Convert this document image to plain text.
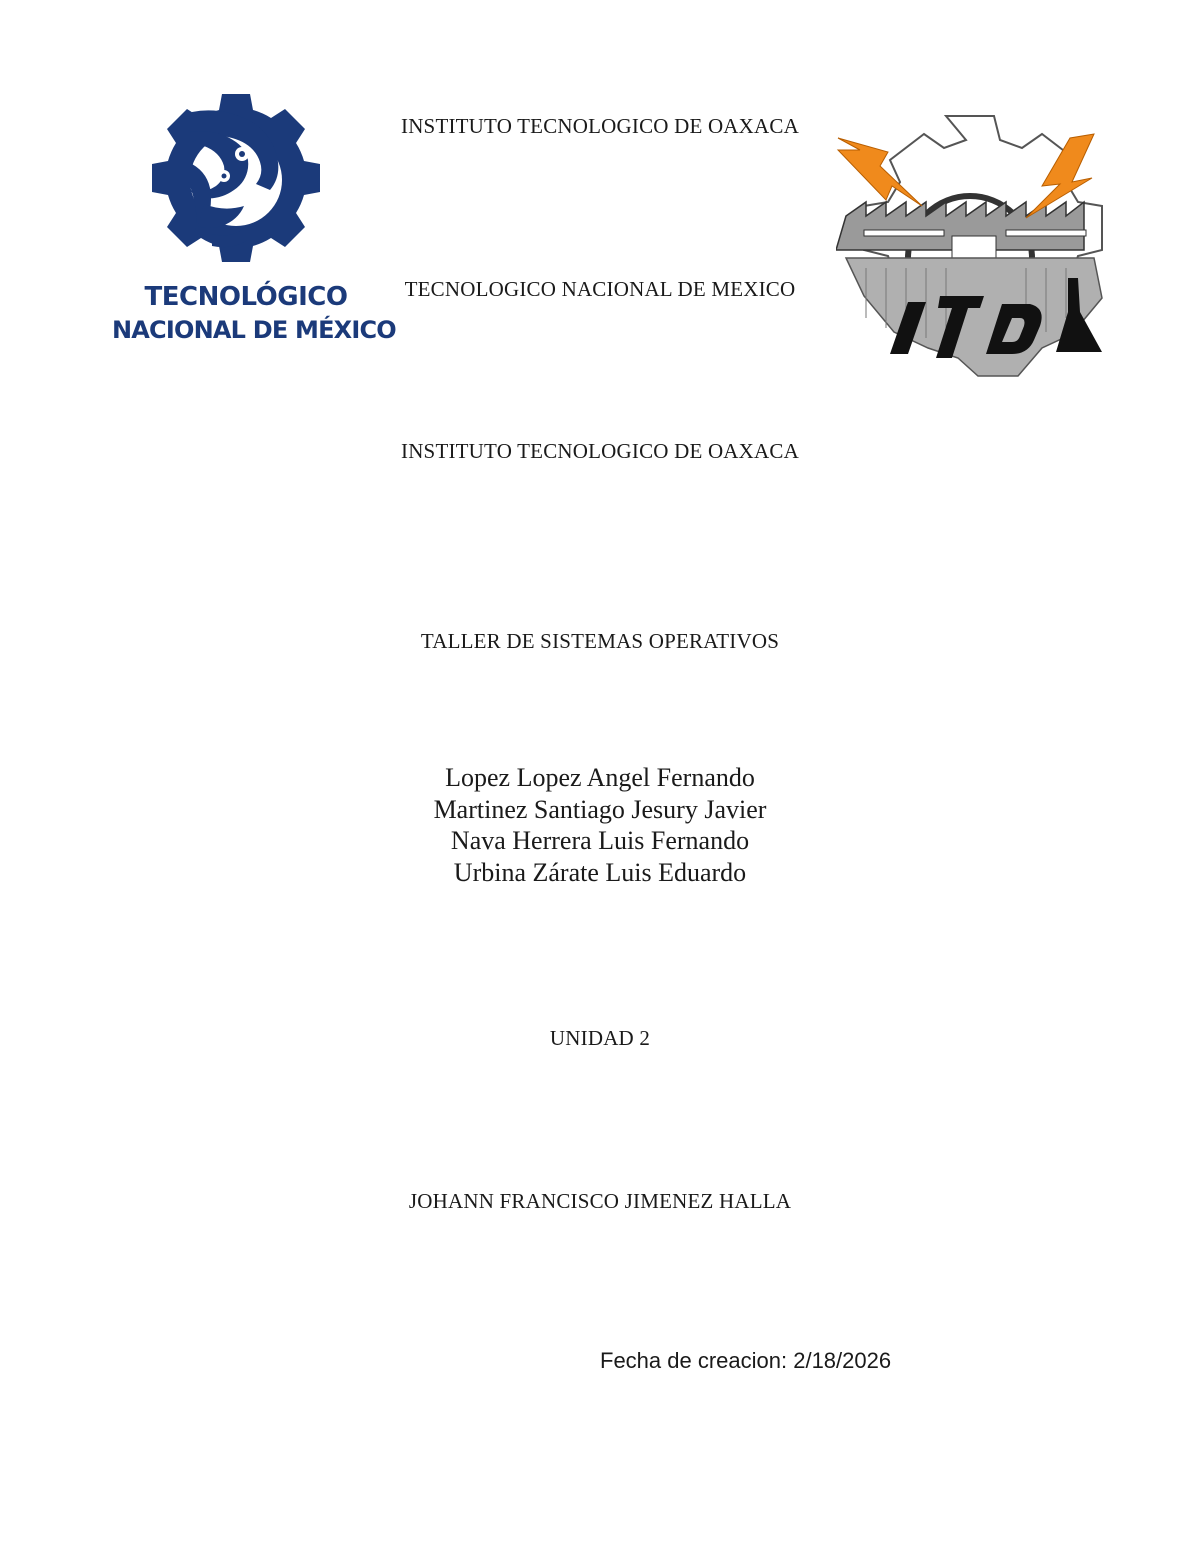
TECNOLÓGICO
NACIONAL DE MÉXICO
INSTITUTO TECNOLOGICO DE OAXACA
TECNOLOGICO NACIONAL DE MEXICO
INSTITUTO TECNOLOGICO DE OAXACA
TALLER DE SISTEMAS OPERATIVOS
Lopez Lopez Angel Fernando
Martinez Santiago Jesury Javier
Nava Herrera Luis Fernando
Urbina Zárate Luis Eduardo
UNIDAD 2
JOHANN FRANCISCO JIMENEZ HALLA
Fecha de creacion: 2/18/2026
